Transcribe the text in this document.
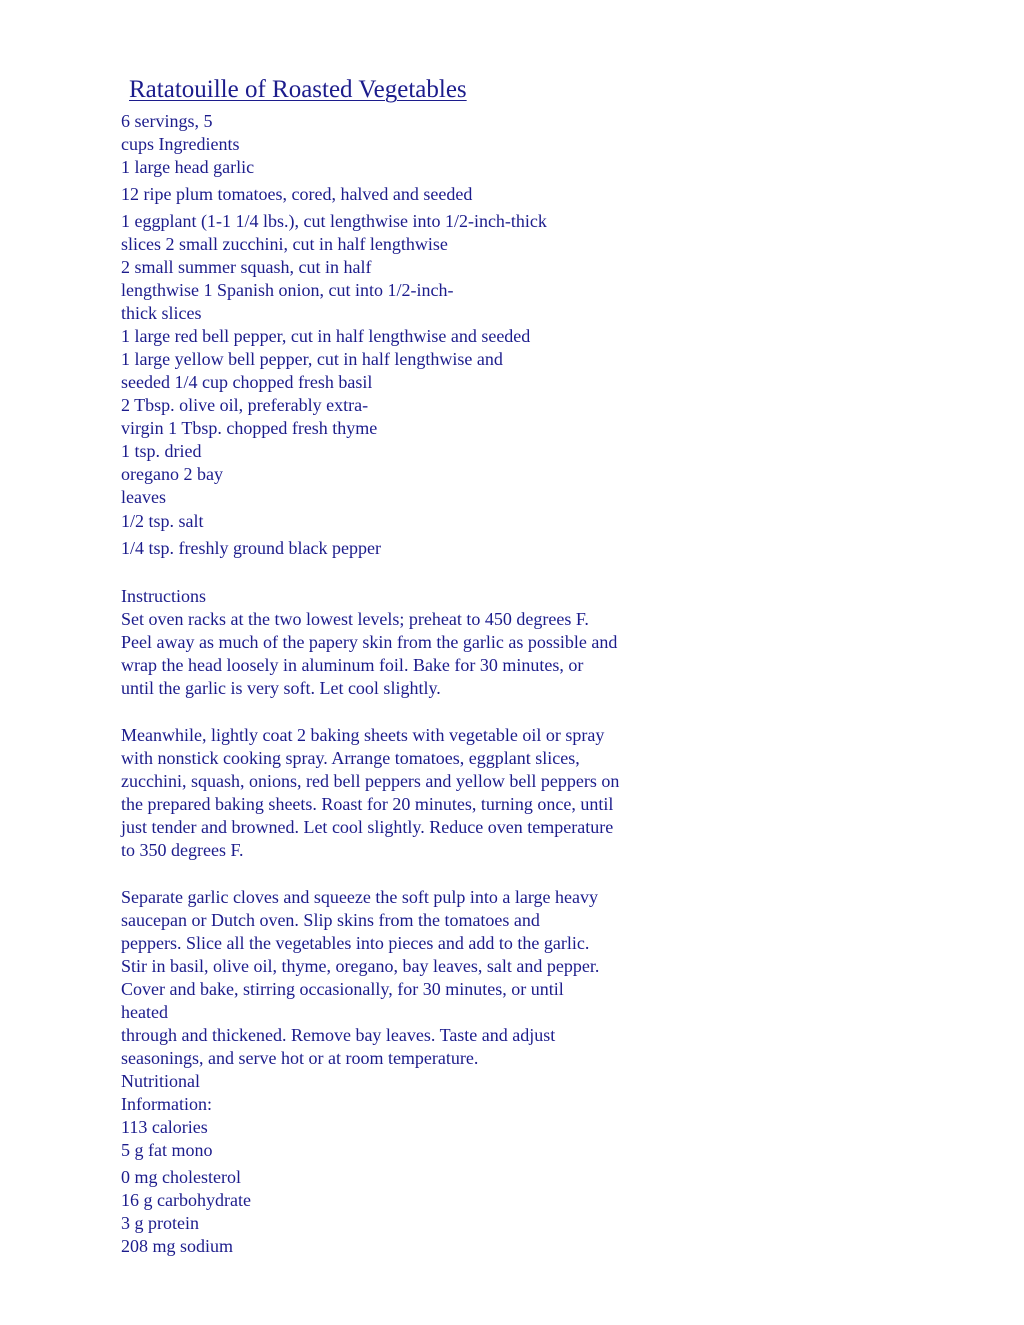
Ratatouille of Roasted Vegetables
6 servings, 5
cups Ingredients
1 large head garlic
12 ripe plum tomatoes, cored, halved and seeded
1 eggplant (1-1 1/4 lbs.), cut lengthwise into 1/2-inch-thick
slices 2 small zucchini, cut in half lengthwise
2 small summer squash, cut in half
lengthwise 1 Spanish onion, cut into 1/2-inch-
thick slices
1 large red bell pepper, cut in half lengthwise and seeded
1 large yellow bell pepper, cut in half lengthwise and
seeded 1/4 cup chopped fresh basil
2 Tbsp. olive oil, preferably extra-
virgin 1 Tbsp. chopped fresh thyme
1 tsp. dried
oregano 2 bay
leaves
1/2 tsp. salt
1/4 tsp. freshly ground black pepper
Instructions
Set oven racks at the two lowest levels; preheat to 450 degrees F.
Peel away as much of the papery skin from the garlic as possible and
wrap the head loosely in aluminum foil. Bake for 30 minutes, or
until the garlic is very soft. Let cool slightly.
Meanwhile, lightly coat 2 baking sheets with vegetable oil or spray
with nonstick cooking spray. Arrange tomatoes, eggplant slices,
zucchini, squash, onions, red bell peppers and yellow bell peppers on
the prepared baking sheets. Roast for 20 minutes, turning once, until
just tender and browned. Let cool slightly. Reduce oven temperature
to 350 degrees F.
Separate garlic cloves and squeeze the soft pulp into a large heavy
saucepan or Dutch oven. Slip skins from the tomatoes and
peppers. Slice all the vegetables into pieces and add to the garlic.
Stir in basil, olive oil, thyme, oregano, bay leaves, salt and pepper.
Cover and bake, stirring occasionally, for 30 minutes, or until
heated
through and thickened. Remove bay leaves. Taste and adjust
seasonings, and serve hot or at room temperature.
Nutritional
Information:
113 calories
5 g fat mono
0 mg cholesterol
16 g carbohydrate
3 g protein
208 mg sodium
